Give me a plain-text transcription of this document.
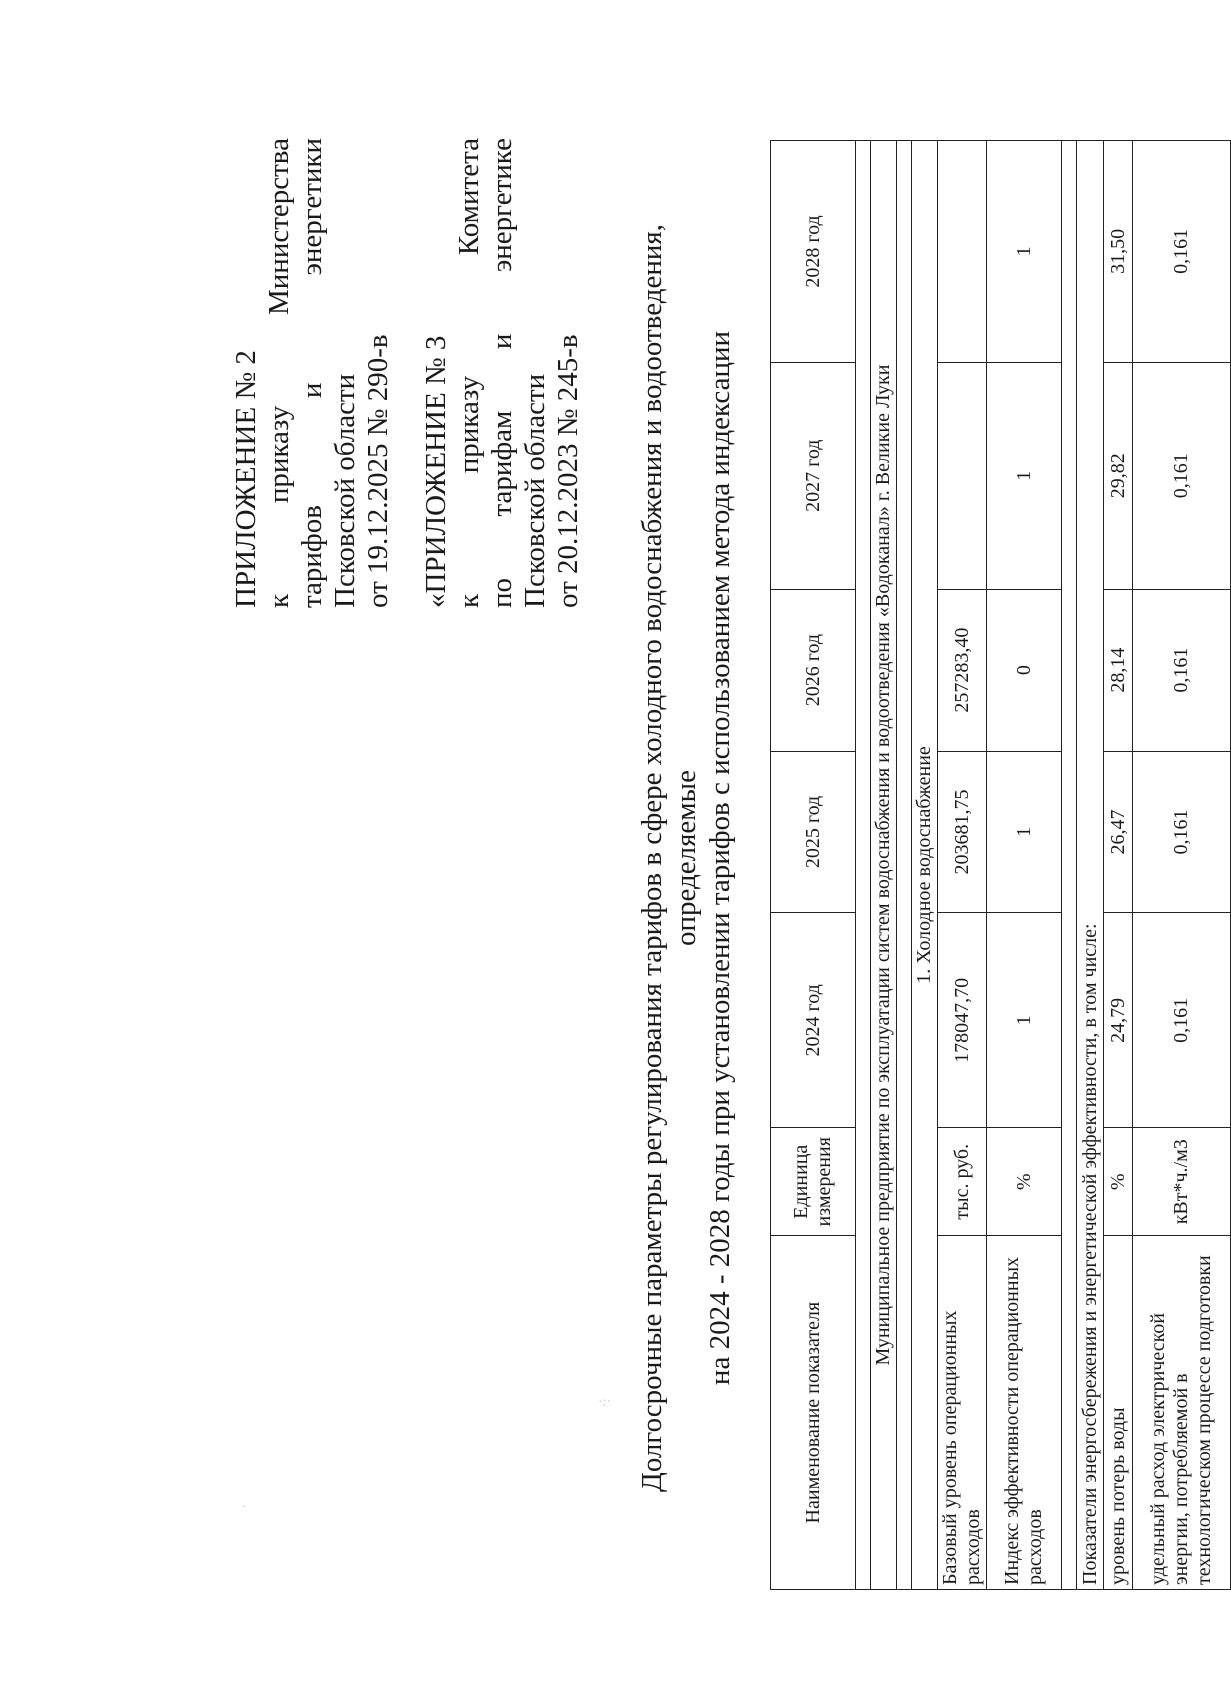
ПРИЛОЖЕНИЕ № 2 к приказу Министерства тарифов и энергетики Псковской области от 19.12.2025 № 290-в «ПРИЛОЖЕНИЕ № 3 к приказу Комитета по тарифам и энергетике Псковской области от 20.12.2023 № 245-в Долгосрочные параметры регулирования тарифов в сфере холодного водоснабжения и водоотведения, определяемые на 2024 - 2028 годы при установлении тарифов с использованием метода индексации
Наименование показателя	Единица измерения	2024 год	2025 год	2026 год	2027 год	2028 год

Муниципальное предприятие по эксплуатации систем водоснабжения и водоотведения «Водоканал» г. Великие Луки						

1. Холодное водоснабжение						
Базовый уровень операционных расходов	тыс. руб.	178047,70	203681,75	257283,40		
Индекс эффективности операционных расходов	%	1	1	0	1	1

Показатели энергосбережения и энергетической эффективности, в том числе:						
уровень потерь воды	%	24,79	26,47	28,14	29,82	31,50
удельный расход электрической энергии, потребляемой в технологическом процессе подготовки	кВт*ч./м3	0,161	0,161	0,161	0,161	0,161
·:·
·
